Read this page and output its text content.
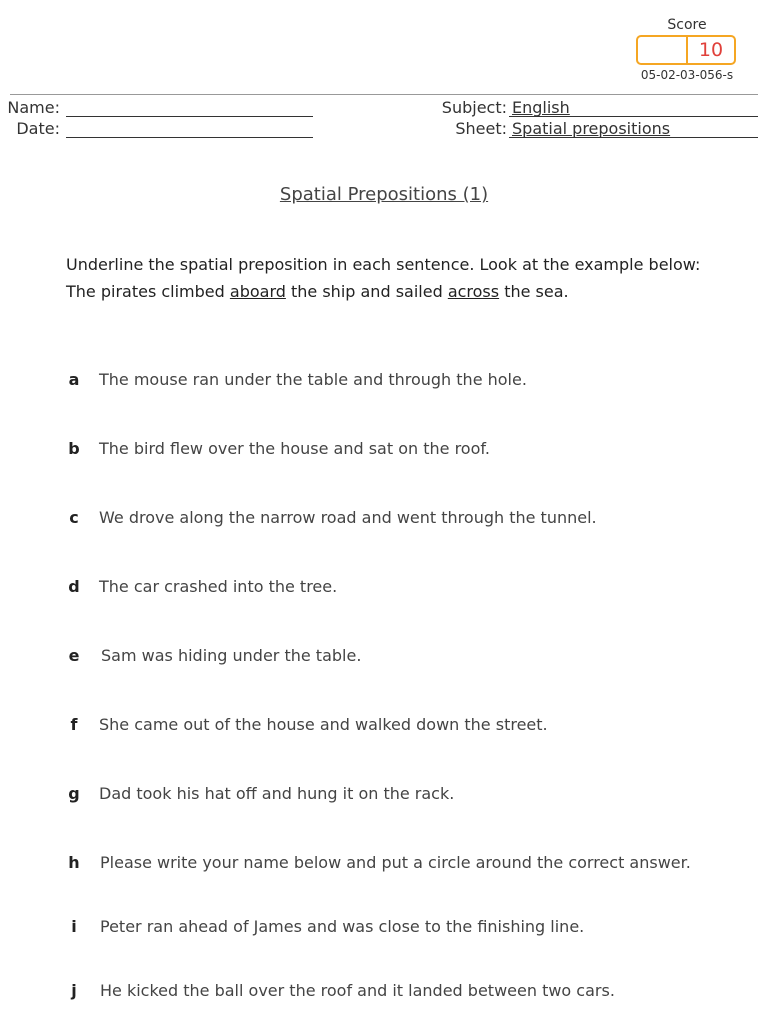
Score
10
05-02-03-056-s
Name:
Date:
Subject: English
Sheet: Spatial prepositions
Spatial Prepositions (1)
Underline the spatial preposition in each sentence. Look at the example below:
The pirates climbed aboard the ship and sailed across the sea.
a	The mouse ran under the table and through the hole.
b	The bird flew over the house and sat on the roof.
c	We drove along the narrow road and went through the tunnel.
d	The car crashed into the tree.
e	Sam was hiding under the table.
f	She came out of the house and walked down the street.
g	Dad took his hat off and hung it on the rack.
h	Please write your name below and put a circle around the correct answer.
i	Peter ran ahead of James and was close to the finishing line.
j	He kicked the ball over the roof and it landed between two cars.
